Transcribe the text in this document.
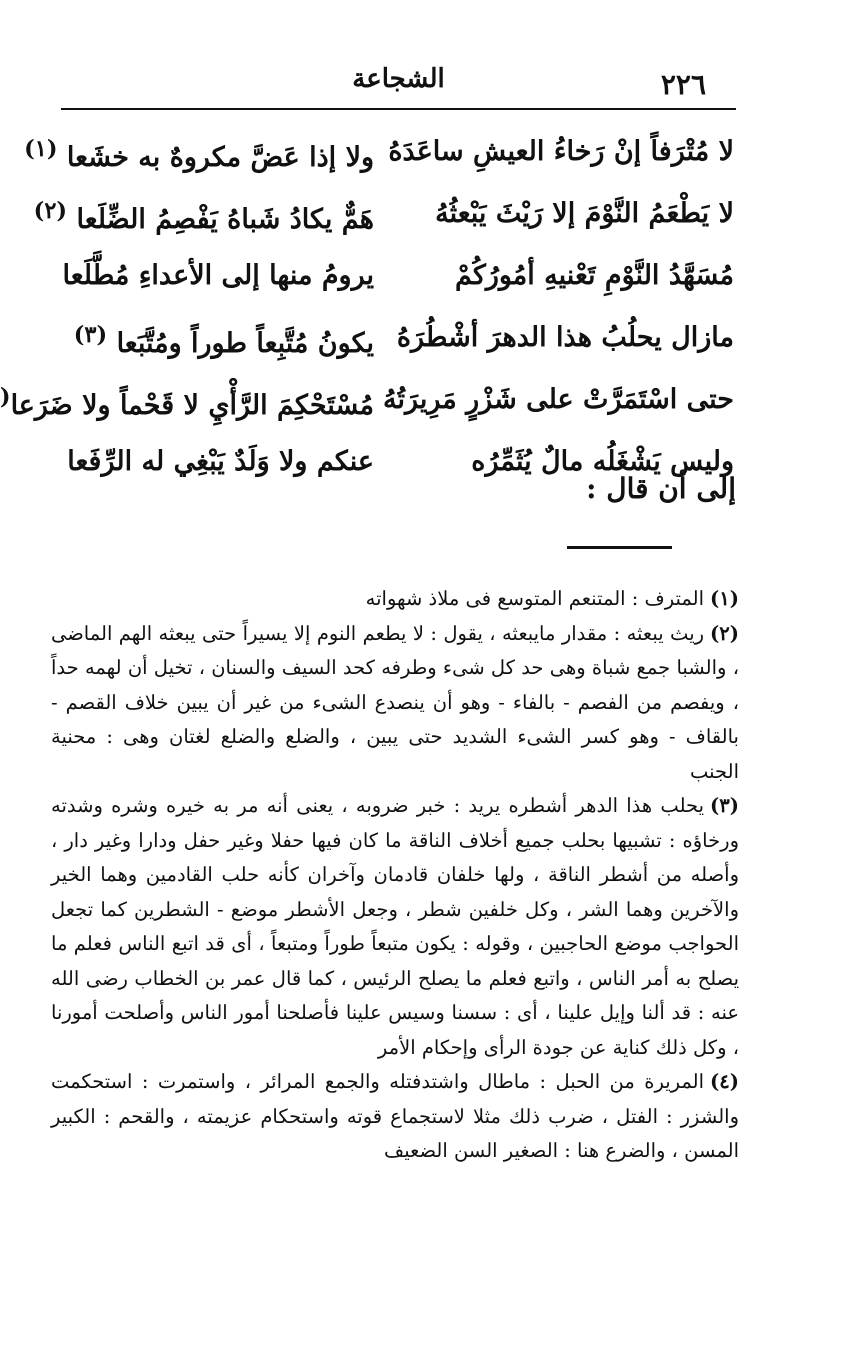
٢٢٦
الشجاعة
لا مُتْرَفاً إنْ رَخاءُ العيشِ ساعَدَهُ
ولا إذا عَضَّ مكروهٌ به خشَعا $^{(١)}$
لا يَطْعَمُ النَّوْمَ إلا رَيْثَ يَبْعثُهُ
هَمٌّ يكادُ شَباهُ يَفْصِمُ الضِّلَعا $^{(٢)}$
مُسَهَّدُ النَّوْمِ تَعْنيهِ أمُورُكُمْ
يرومُ منها إلى الأعداءِ مُطَّلَعا
مازال يحلُبُ هذا الدهرَ أشْطُرَهُ
يكونُ مُتَّبِعاً طوراً ومُتَّبَعا $^{(٣)}$
حتى اسْتَمَرَّتْ على شَزْرٍ مَرِيرَتُهُ
مُسْتَحْكِمَ الرَّأْيِ لا قَحْماً ولا ضَرَعا(
وليس يَشْغَلُه مالٌ يُثَمِّرُه
عنكم ولا وَلَدٌ يَبْغِي له الرِّفَعا
إلى أن قال :

(١)المترف : المتنعم المتوسع فى ملاذ شهواته

(٢)ريث يبعثه : مقدار مايبعثه ، يقول : لا يطعم النوم إلا يسيراً حتى يبعثه الهم الماضى ، والشبا جمع شباة وهى حد كل شىء وطرفه كحد السيف والسنان ، تخيل أن لهمه حداً ، ويفصم من الفصم - بالفاء - وهو أن ينصدع الشىء من غير أن يبين خلاف القصم - بالقاف - وهو كسر الشىء الشديد حتى يبين ، والضلع والضلع لغتان وهى : محنية الجنب

(٣)يحلب هذا الدهر أشطره يريد : خبر ضروبه ، يعنى أنه مر به خيره وشره وشدته ورخاؤه : تشبيها بحلب جميع أخلاف الناقة ما كان فيها حفلا وغير حفل ودارا وغير دار ، وأصله من أشطر الناقة ، ولها خلفان قادمان وآخران كأنه حلب القادمين وهما الخير والآخرين وهما الشر ، وكل خلفين شطر ، وجعل الأشطر موضع - الشطرين كما تجعل الحواجب موضع الحاجبين ، وقوله : يكون متبعاً طوراً ومتبعاً ، أى قد اتبع الناس فعلم ما يصلح به أمر الناس ، واتبع فعلم ما يصلح الرئيس ، كما قال عمر بن الخطاب رضى الله عنه : قد ألنا وإيل علينا ، أى : سسنا وسيس علينا فأصلحنا أمور الناس وأصلحت أمورنا ، وكل ذلك كناية عن جودة الرأى وإحكام الأمر

(٤)المريرة من الحبل : ماطال واشتدفتله والجمع المرائر ، واستمرت : استحكمت والشزر : الفتل ، ضرب ذلك مثلا لاستجماع قوته واستحكام عزيمته ، والقحم : الكبير المسن ، والضرع هنا : الصغير السن الضعيف
